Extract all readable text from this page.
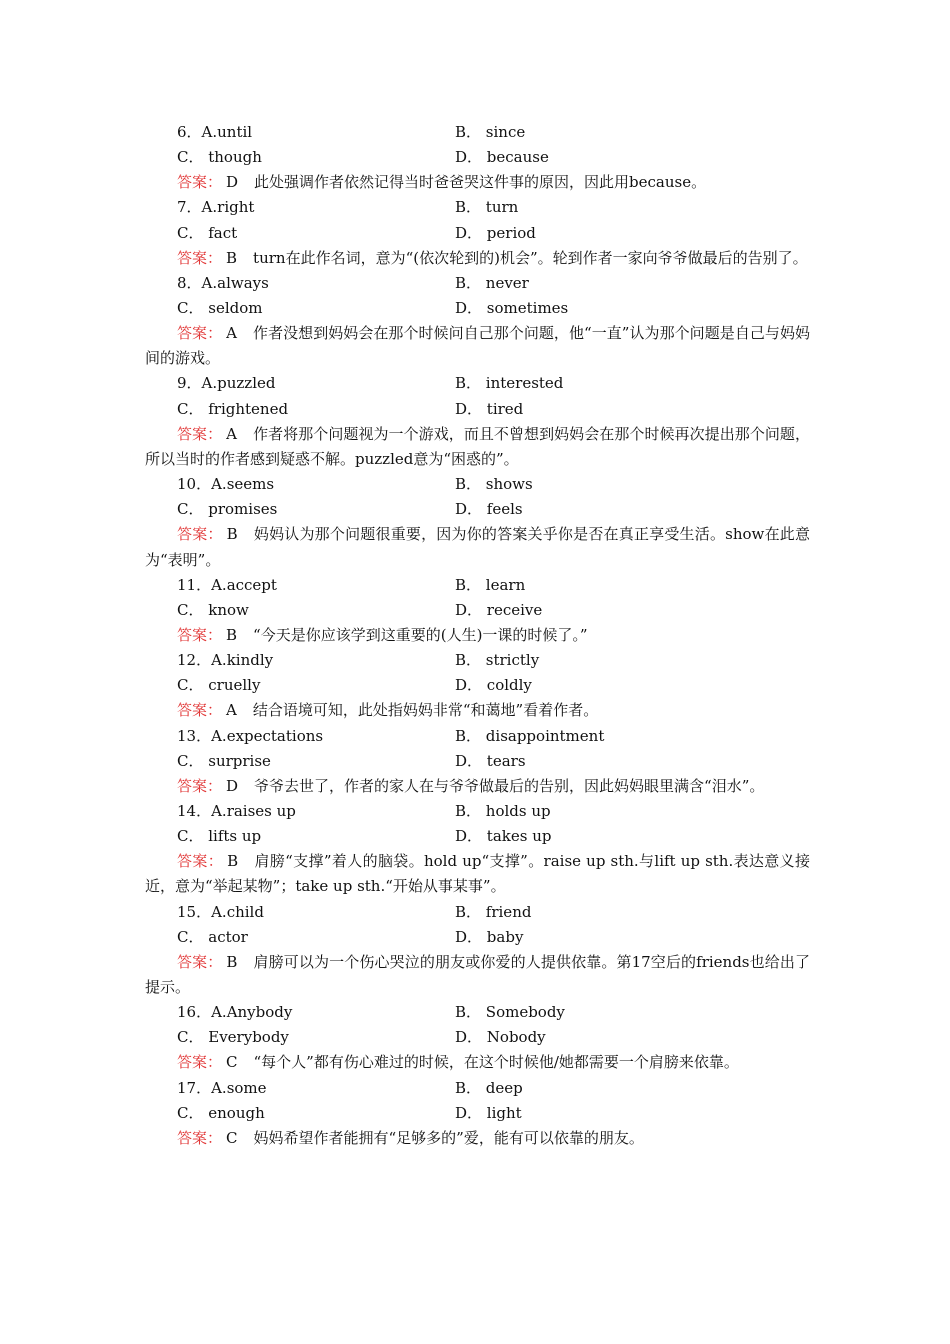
6．A.until	B． since
C． though	D． because
答案： D 此处强调作者依然记得当时爸爸哭这件事的原因，因此用because。
7．A.right	B． turn
C． fact	D． period
答案： B turn在此作名词，意为“(依次轮到的)机会”。轮到作者一家向爷爷做最后的告别了。
8．A.always	B． never
C． seldom	D． sometimes
答案： A 作者没想到妈妈会在那个时候问自己那个问题，他“一直”认为那个问题是自己与妈妈间的游戏。
9．A.puzzled	B． interested
C． frightened	D． tired
答案： A 作者将那个问题视为一个游戏，而且不曾想到妈妈会在那个时候再次提出那个问题，所以当时的作者感到疑惑不解。puzzled意为“困惑的”。
10．A.seems	B． shows
C． promises	D． feels
答案： B 妈妈认为那个问题很重要，因为你的答案关乎你是否在真正享受生活。show在此意为“表明”。
11．A.accept	B． learn
C． know	D． receive
答案： B “今天是你应该学到这重要的(人生)一课的时候了。”
12．A.kindly	B． strictly
C． cruelly	D． coldly
答案： A 结合语境可知，此处指妈妈非常“和蔼地”看着作者。
13．A.expectations	B． disappointment
C． surprise	D． tears
答案： D 爷爷去世了，作者的家人在与爷爷做最后的告别，因此妈妈眼里满含“泪水”。
14．A.raises up	B． holds up
C． lifts up	D． takes up
答案： B 肩膀“支撑”着人的脑袋。hold up“支撑”。raise up sth.与lift up sth.表达意义接近，意为“举起某物”；take up sth.“开始从事某事”。
15．A.child	B． friend
C． actor	D． baby
答案： B 肩膀可以为一个伤心哭泣的朋友或你爱的人提供依靠。第17空后的friends也给出了提示。
16．A.Anybody	B． Somebody
C． Everybody	D． Nobody
答案： C “每个人”都有伤心难过的时候，在这个时候他/她都需要一个肩膀来依靠。
17．A.some	B． deep
C． enough	D． light
答案： C 妈妈希望作者能拥有“足够多的”爱，能有可以依靠的朋友。
